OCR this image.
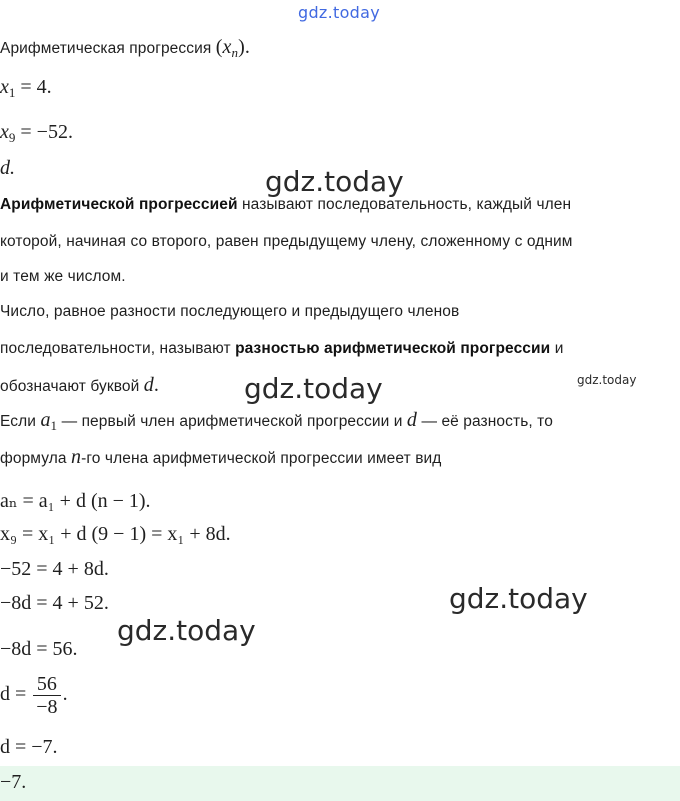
gdz.today
gdz.today
gdz.today	gdz.today
gdz.today
gdz.today
Арифметическая прогрессия $(x_n)$.
$x_1 = 4$.
$x_9 = -52$.
d.
Арифметической прогрессией называют последовательность, каждый член
которой, начиная со второго, равен предыдущему члену, сложенному с одним
и тем же числом.
Число, равное разности последующего и предыдущего членов
последовательности, называют разностью арифметической прогрессии и
обозначают буквой d.
Если $a_1$ — первый член арифметической прогрессии и d — её разность, то
формула n-го члена арифметической прогрессии имеет вид
aₙ = a₁ + d (n − 1).
x₉ = x₁ + d (9 − 1) = x₁ + 8d.
−52 = 4 + 8d.
−8d = 4 + 52.
−8d = 56.
$d = \frac{56}{-8}$ .
d = −7.
−7.
